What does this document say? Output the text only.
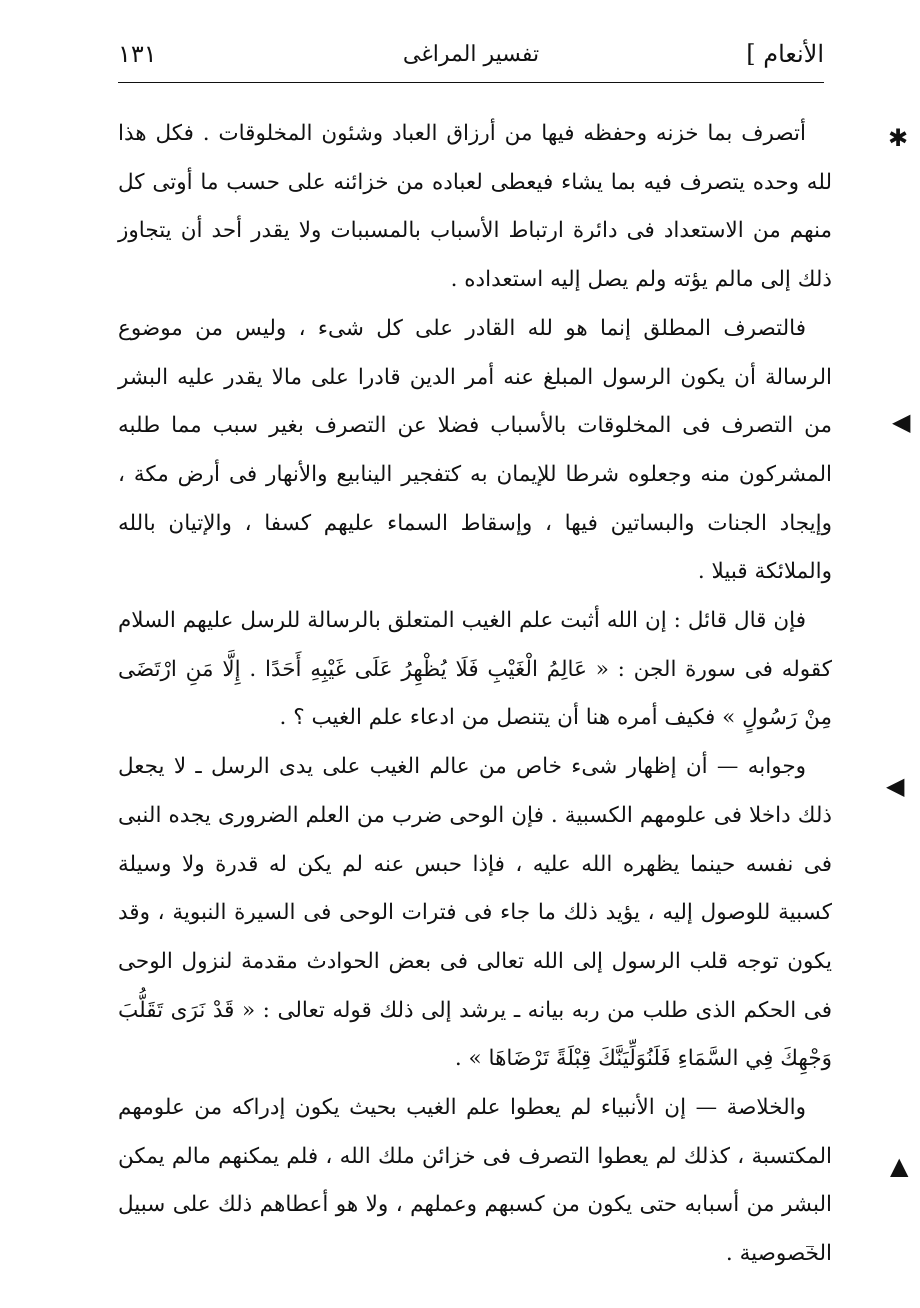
الأنعام ]
تفسير المراغى
١٣١

أتصرف بما خزنه وحفظه فيها من أرزاق العباد وشئون المخلوقات . فكل هذا لله وحده يتصرف فيه بما يشاء فيعطى لعباده من خزائنه على حسب ما أوتى كل منهم من الاستعداد فى دائرة ارتباط الأسباب بالمسببات ولا يقدر أحد أن يتجاوز ذلك إلى مالم يؤته ولم يصل إليه استعداده .

فالتصرف المطلق إنما هو لله القادر على كل شىء ، وليس من موضوع الرسالة أن يكون الرسول المبلغ عنه أمر الدين قادرا على مالا يقدر عليه البشر من التصرف فى المخلوقات بالأسباب فضلا عن التصرف بغير سبب مما طلبه المشركون منه وجعلوه شرطا للإيمان به كتفجير الينابيع والأنهار فى أرض مكة ، وإيجاد الجنات والبساتين فيها ، وإسقاط السماء عليهم كسفا ، والإتيان بالله والملائكة قبيلا .

فإن قال قائل : إن الله أثبت علم الغيب المتعلق بالرسالة للرسل عليهم السلام كقوله فى سورة الجن : « عَالِمُ الْغَيْبِ فَلَا يُظْهِرُ عَلَى غَيْبِهِ أَحَدًا . إِلَّا مَنِ ارْتَضَى مِنْ رَسُولٍ » فكيف أمره هنا أن يتنصل من ادعاء علم الغيب ؟ .

وجوابه — أن إظهار شىء خاص من عالم الغيب على يدى الرسل ـ لا يجعل ذلك داخلا فى علومهم الكسبية . فإن الوحى ضرب من العلم الضرورى يجده النبى فى نفسه حينما يظهره الله عليه ، فإذا حبس عنه لم يكن له قدرة ولا وسيلة كسبية للوصول إليه ، يؤيد ذلك ما جاء فى فترات الوحى فى السيرة النبوية ، وقد يكون توجه قلب الرسول إلى الله تعالى فى بعض الحوادث مقدمة لنزول الوحى فى الحكم الذى طلب من ربه بيانه ـ يرشد إلى ذلك قوله تعالى : « قَدْ نَرَى تَقَلُّبَ وَجْهِكَ فِي السَّمَاءِ فَلَنُوَلِّيَنَّكَ قِبْلَةً تَرْضَاهَا » .

والخلاصة — إن الأنبياء لم يعطوا علم الغيب بحيث يكون إدراكه من علومهم المكتسبة ، كذلك لم يعطوا التصرف فى خزائن ملك الله ، فلم يمكنهم مالم يمكن البشر من أسبابه حتى يكون من كسبهم وعملهم ، ولا هو أعطاهم ذلك على سبيل الخصوصية .

✱
◀
◀
▲
